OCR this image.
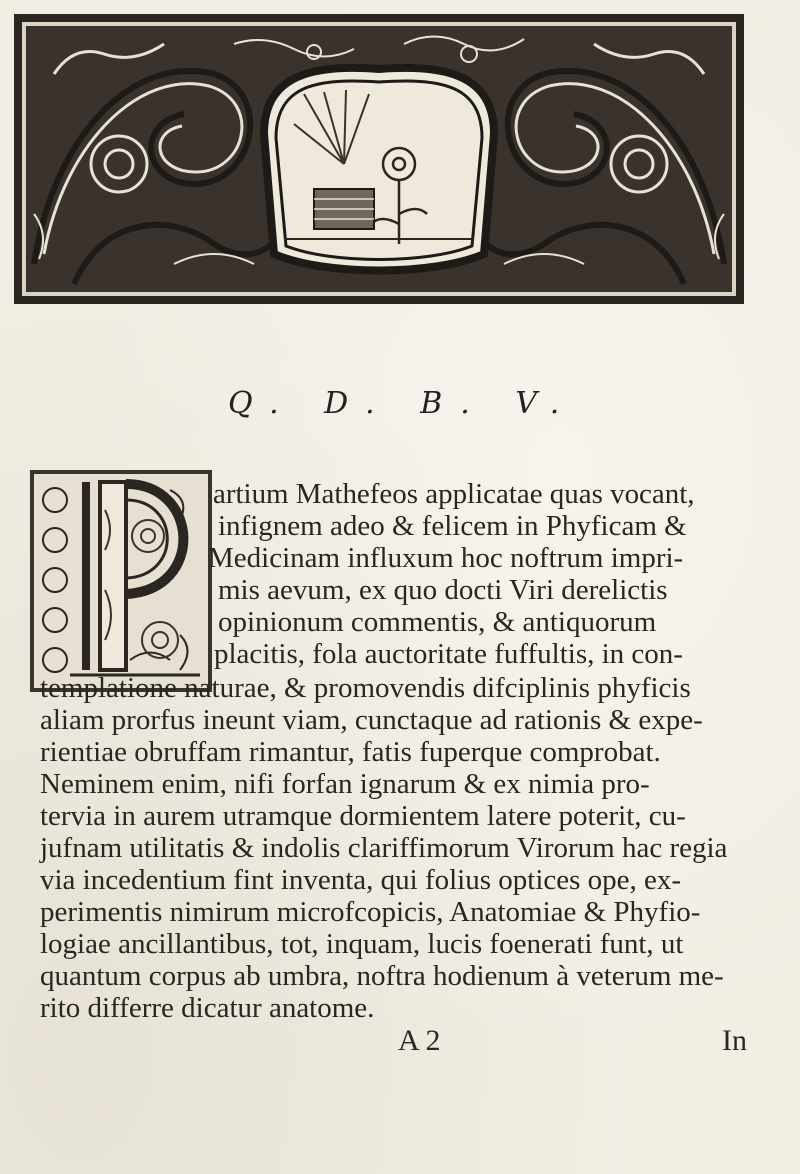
Q. D. B. V.
artium Mathefeos applicatae quas vocant,
infignem adeo & felicem in Phyficam &
Medicinam influxum hoc noftrum impri-
mis aevum, ex quo docti Viri derelictis
opinionum commentis, & antiquorum
placitis, fola auctoritate fuffultis, in con-
templatione naturae, & promovendis difciplinis phyficis
aliam prorfus ineunt viam, cunctaque ad rationis & expe-
rientiae obruffam rimantur, fatis fuperque comprobat.
Neminem enim, nifi forfan ignarum & ex nimia pro-
tervia in aurem utramque dormientem latere poterit, cu-
jufnam utilitatis & indolis clariffimorum Virorum hac regia
via incedentium fint inventa, qui folius optices ope, ex-
perimentis nimirum microfcopicis, Anatomiae & Phyfio-
logiae ancillantibus, tot, inquam, lucis foenerati funt, ut
quantum corpus ab umbra, noftra hodienum à veterum me-
rito differre dicatur anatome.
A 2	In
